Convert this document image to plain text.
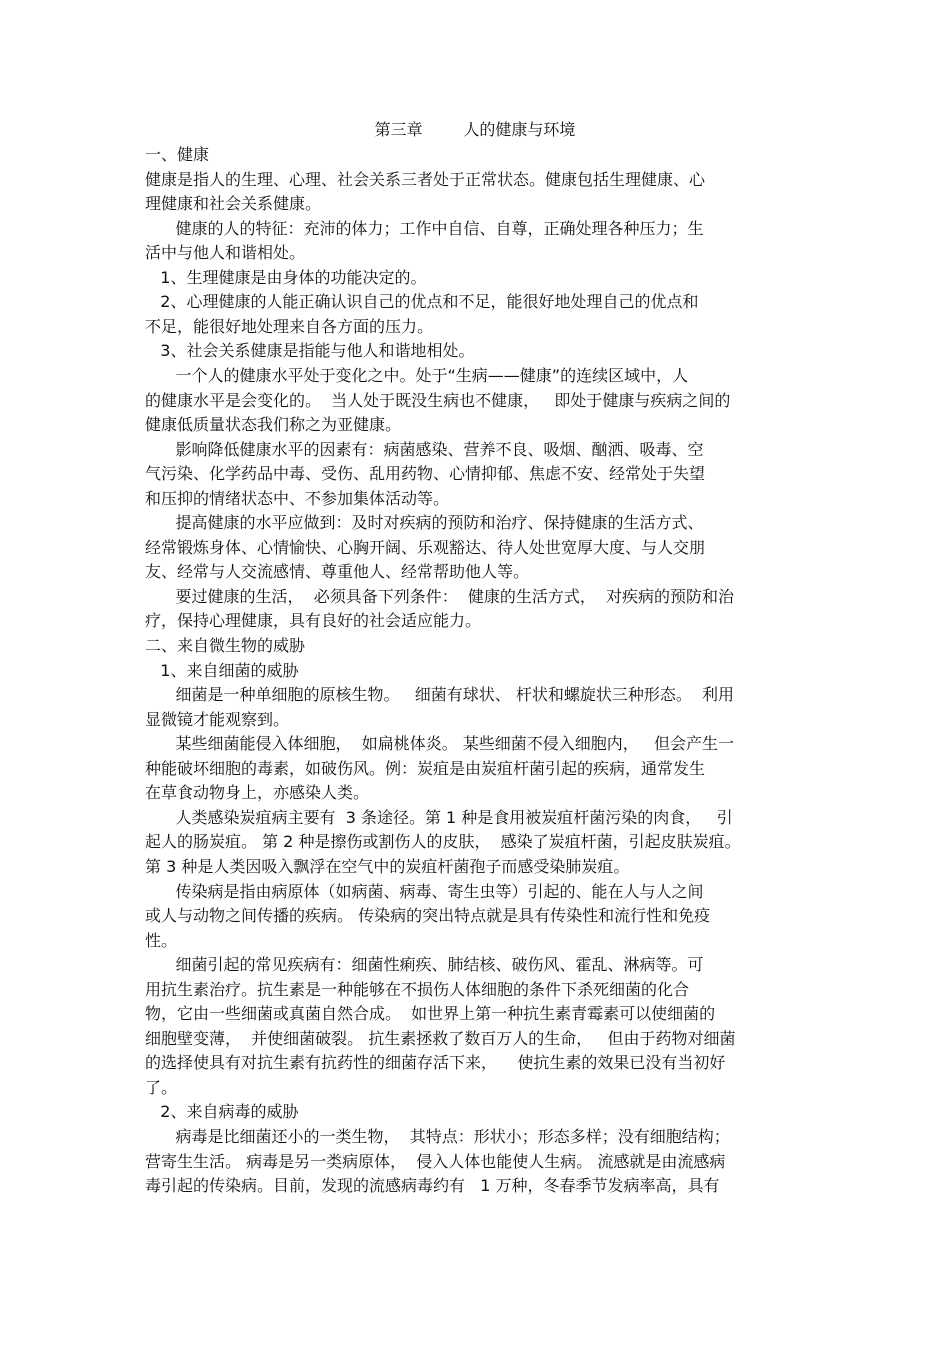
第三章        人的健康与环境

一、健康

健康是指人的生理、心理、社会关系三者处于正常状态。健康包括生理健康、心

理健康和社会关系健康。

健康的人的特征：充沛的体力；工作中自信、自尊，正确处理各种压力；生

活中与他人和谐相处。

1、生理健康是由身体的功能决定的。

2、心理健康的人能正确认识自己的优点和不足，能很好地处理自己的优点和

不足，能很好地处理来自各方面的压力。

3、社会关系健康是指能与他人和谐地相处。

一个人的健康水平处于变化之中。处于“生病——健康”的连续区域中，人

的健康水平是会变化的。  当人处于既没生病也不健康，   即处于健康与疾病之间的

健康低质量状态我们称之为亚健康。

影响降低健康水平的因素有：病菌感染、营养不良、吸烟、酗洒、吸毒、空

气污染、化学药品中毒、受伤、乱用药物、心情抑郁、焦虑不安、经常处于失望

和压抑的情绪状态中、不参加集体活动等。

提高健康的水平应做到：及时对疾病的预防和治疗、保持健康的生活方式、

经常锻炼身体、心情愉快、心胸开阔、乐观豁达、待人处世宽厚大度、与人交朋

友、经常与人交流感情、尊重他人、经常帮助他人等。

要过健康的生活，  必须具备下列条件：  健康的生活方式，  对疾病的预防和治

疗，保持心理健康，具有良好的社会适应能力。

二、来自微生物的威胁

1、来自细菌的威胁

细菌是一种单细胞的原核生物。   细菌有球状、 杆状和螺旋状三种形态。  利用

显微镜才能观察到。

某些细菌能侵入体细胞，  如扁桃体炎。 某些细菌不侵入细胞内，   但会产生一

种能破坏细胞的毒素，如破伤风。例：炭疽是由炭疽杆菌引起的疾病，通常发生

在草食动物身上，亦感染人类。

人类感染炭疽病主要有  3 条途径。第 1 种是食用被炭疽杆菌污染的肉食，   引

起人的肠炭疽。 第 2 种是擦伤或割伤人的皮肤，  感染了炭疽杆菌，引起皮肤炭疽。

第 3 种是人类因吸入飘浮在空气中的炭疽杆菌孢子而感受染肺炭疽。

传染病是指由病原体（如病菌、病毒、寄生虫等）引起的、能在人与人之间

或人与动物之间传播的疾病。 传染病的突出特点就是具有传染性和流行性和免疫

性。

细菌引起的常见疾病有：细菌性痢疾、肺结核、破伤风、霍乱、淋病等。可

用抗生素治疗。抗生素是一种能够在不损伤人体细胞的条件下杀死细菌的化合

物，它由一些细菌或真菌自然合成。  如世界上第一种抗生素青霉素可以使细菌的

细胞壁变薄，  并使细菌破裂。 抗生素拯救了数百万人的生命，   但由于药物对细菌

的选择使具有对抗生素有抗药性的细菌存活下来，    使抗生素的效果已没有当初好

了。

2、来自病毒的威胁

病毒是比细菌还小的一类生物，  其特点：形状小；形态多样；没有细胞结构；

营寄生生活。 病毒是另一类病原体，  侵入人体也能使人生病。 流感就是由流感病

毒引起的传染病。目前，发现的流感病毒约有   1 万种，冬春季节发病率高，具有
